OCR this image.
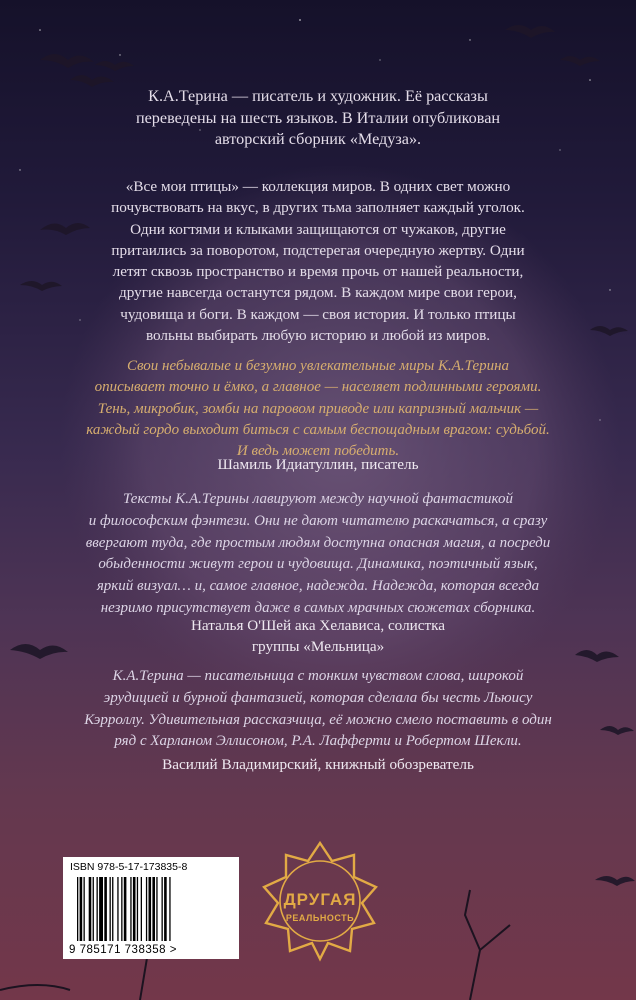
К.А.Терина — писатель и художник. Её рассказы
переведены на шесть языков. В Италии опубликован
авторский сборник «Медуза».
«Все мои птицы» — коллекция миров. В одних свет можно
почувствовать на вкус, в других тьма заполняет каждый уголок.
Одни когтями и клыками защищаются от чужаков, другие
притаились за поворотом, подстерегая очередную жертву. Одни
летят сквозь пространство и время прочь от нашей реальности,
другие навсегда останутся рядом. В каждом мире свои герои,
чудовища и боги. В каждом — своя история. И только птицы
вольны выбирать любую историю и любой из миров.
Свои небывалые и безумно увлекательные миры К.А.Терина
описывает точно и ёмко, а главное — населяет подлинными героями.
Тень, микробик, зомби на паровом приводе или капризный мальчик —
каждый гордо выходит биться с самым беспощадным врагом: судьбой.
И ведь может победить.
Шамиль Идиатуллин, писатель
Тексты К.А.Терины лавируют между научной фантастикой
и философским фэнтези. Они не дают читателю раскачаться, а сразу
ввергают туда, где простым людям доступна опасная магия, а посреди
обыденности живут герои и чудовища. Динамика, поэтичный язык,
яркий визуал… и, самое главное, надежда. Надежда, которая всегда
незримо присутствует даже в самых мрачных сюжетах сборника.
Наталья О'Шей ака Хелависа, солистка
группы «Мельница»
К.А.Терина — писательница с тонким чувством слова, широкой
эрудицией и бурной фантазией, которая сделала бы честь Льюису
Кэрроллу. Удивительная рассказчица, её можно смело поставить в один
ряд с Харланом Эллисоном, Р.А. Лафферти и Робертом Шекли.
Василий Владимирский, книжный обозреватель
ISBN 978-5-17-173835-8
9 785171 738358 >
ДРУГАЯ
РЕАЛЬНОСТЬ
